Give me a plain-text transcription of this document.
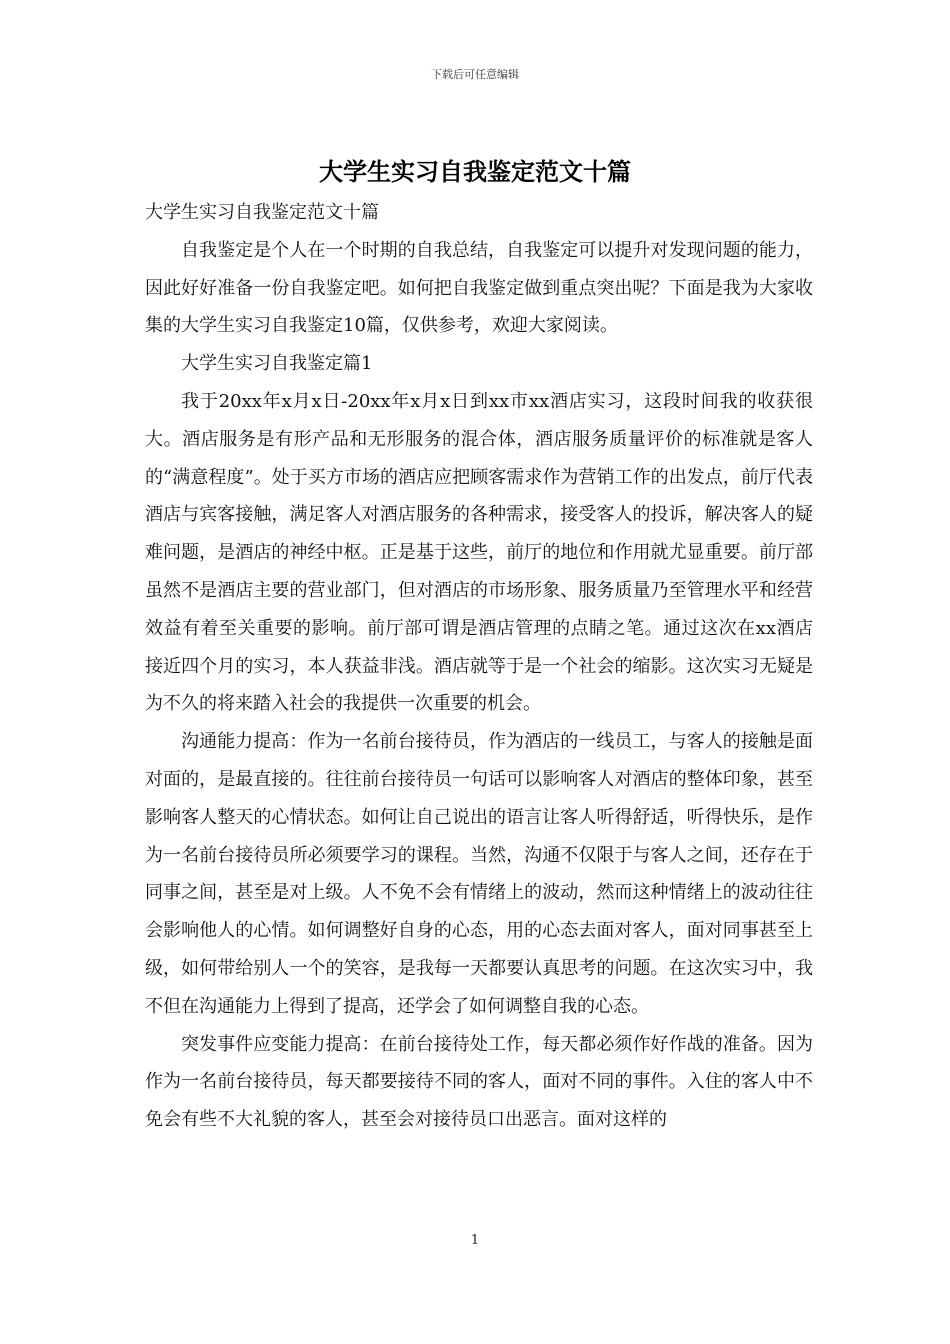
下载后可任意编辑
大学生实习自我鉴定范文十篇

大学生实习自我鉴定范文十篇

自我鉴定是个人在一个时期的自我总结，自我鉴定可以提升对发现问题的能力，因此好好准备一份自我鉴定吧。如何把自我鉴定做到重点突出呢？下面是我为大家收集的大学生实习自我鉴定10篇，仅供参考，欢迎大家阅读。

大学生实习自我鉴定篇1

我于20xx年x月x日-20xx年x月x日到xx市xx酒店实习，这段时间我的收获很大。酒店服务是有形产品和无形服务的混合体，酒店服务质量评价的标准就是客人的“满意程度”。处于买方市场的酒店应把顾客需求作为营销工作的出发点，前厅代表酒店与宾客接触，满足客人对酒店服务的各种需求，接受客人的投诉，解决客人的疑难问题，是酒店的神经中枢。正是基于这些，前厅的地位和作用就尤显重要。前厅部虽然不是酒店主要的营业部门，但对酒店的市场形象、服务质量乃至管理水平和经营效益有着至关重要的影响。前厅部可谓是酒店管理的点睛之笔。通过这次在xx酒店接近四个月的实习，本人获益非浅。酒店就等于是一个社会的缩影。这次实习无疑是为不久的将来踏入社会的我提供一次重要的机会。

沟通能力提高：作为一名前台接待员，作为酒店的一线员工，与客人的接触是面对面的，是最直接的。往往前台接待员一句话可以影响客人对酒店的整体印象，甚至影响客人整天的心情状态。如何让自己说出的语言让客人听得舒适，听得快乐，是作为一名前台接待员所必须要学习的课程。当然，沟通不仅限于与客人之间，还存在于同事之间，甚至是对上级。人不免不会有情绪上的波动，然而这种情绪上的波动往往会影响他人的心情。如何调整好自身的心态，用的心态去面对客人，面对同事甚至上级，如何带给别人一个的笑容，是我每一天都要认真思考的问题。在这次实习中，我不但在沟通能力上得到了提高，还学会了如何调整自我的心态。

突发事件应变能力提高：在前台接待处工作，每天都必须作好作战的准备。因为作为一名前台接待员，每天都要接待不同的客人，面对不同的事件。入住的客人中不免会有些不大礼貌的客人，甚至会对接待员口出恶言。面对这样的

1
